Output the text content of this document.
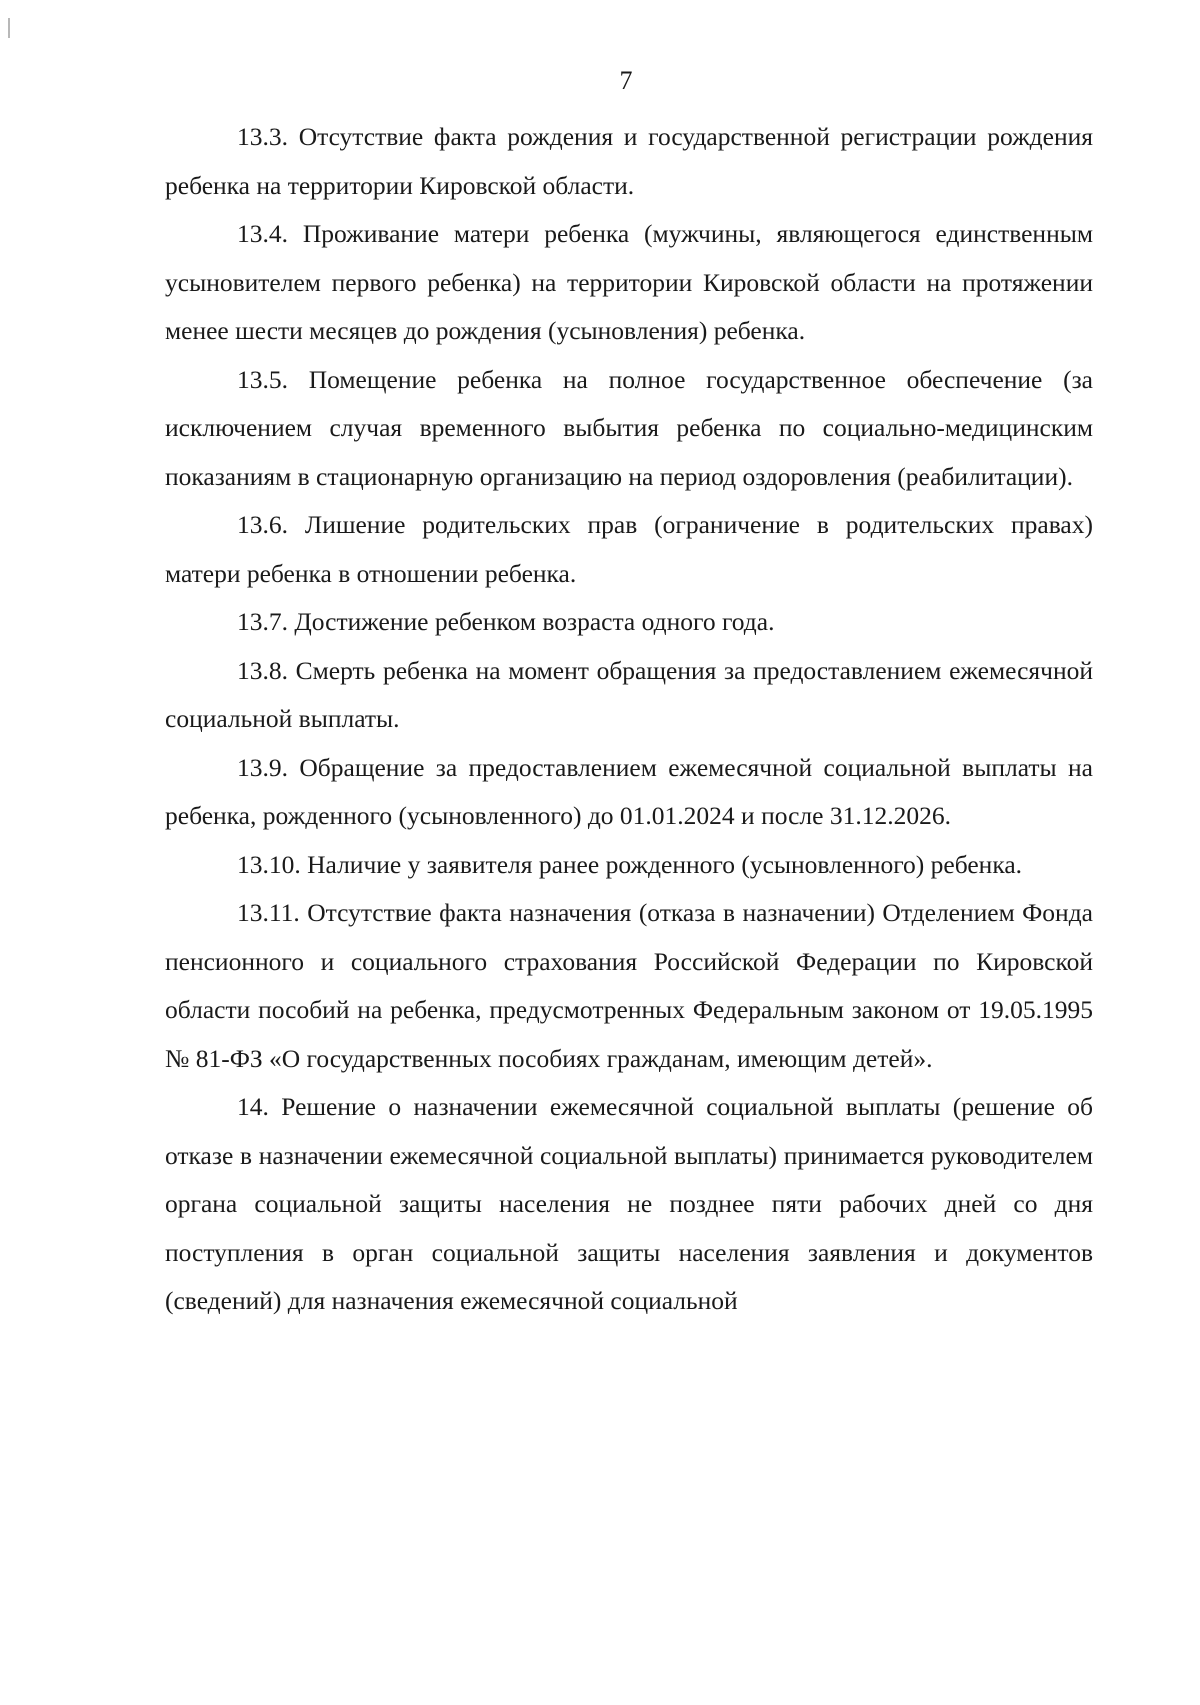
7

13.3. Отсутствие факта рождения и государственной регистрации рождения ребенка на территории Кировской области.

13.4. Проживание матери ребенка (мужчины, являющегося единственным усыновителем первого ребенка) на территории Кировской области на протяжении менее шести месяцев до рождения (усыновления) ребенка.

13.5. Помещение ребенка на полное государственное обеспечение (за исключением случая временного выбытия ребенка по социально-медицинским показаниям в стационарную организацию на период оздоровления (реабилитации).

13.6. Лишение родительских прав (ограничение в родительских правах) матери ребенка в отношении ребенка.

13.7. Достижение ребенком возраста одного года.

13.8. Смерть ребенка на момент обращения за предоставлением ежемесячной социальной выплаты.

13.9. Обращение за предоставлением ежемесячной социальной выплаты на ребенка, рожденного (усыновленного) до 01.01.2024 и после 31.12.2026.

13.10. Наличие у заявителя ранее рожденного (усыновленного) ребенка.

13.11. Отсутствие факта назначения (отказа в назначении) Отделением Фонда пенсионного и социального страхования Российской Федерации по Кировской области пособий на ребенка, предусмотренных Федеральным законом от 19.05.1995 № 81-ФЗ «О государственных пособиях гражданам, имеющим детей».

14. Решение о назначении ежемесячной социальной выплаты (решение об отказе в назначении ежемесячной социальной выплаты) принимается руководителем органа социальной защиты населения не позднее пяти рабочих дней со дня поступления в орган социальной защиты населения заявления и документов (сведений) для назначения ежемесячной социальной
